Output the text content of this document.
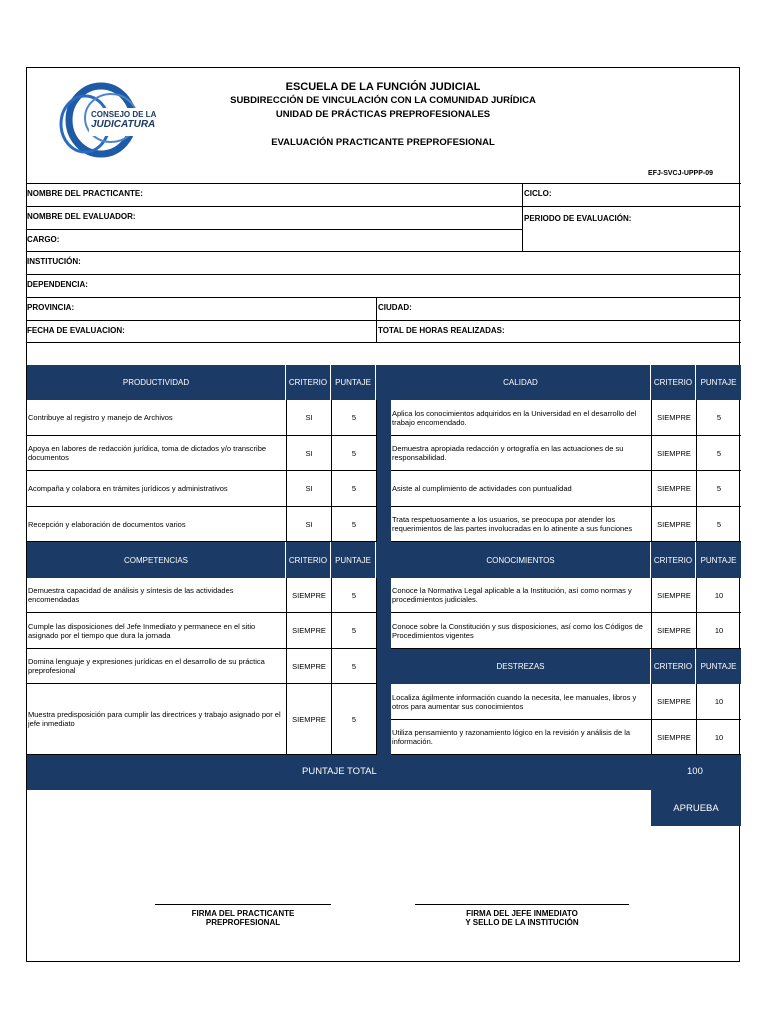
CONSEJO DE LA
JUDICATURA
ESCUELA DE LA FUNCIÓN JUDICIAL
SUBDIRECCIÓN DE VINCULACIÓN CON LA COMUNIDAD JURÍDICA
UNIDAD DE PRÁCTICAS PREPROFESIONALES
EVALUACIÓN PRACTICANTE PREPROFESIONAL
EFJ-SVCJ-UPPP-09
NOMBRE DEL PRACTICANTE:	CICLO:
NOMBRE DEL EVALUADOR:	PERIODO DE EVALUACIÓN:
CARGO:
INSTITUCIÓN:
DEPENDENCIA:
PROVINCIA:	CIUDAD:
FECHA DE EVALUACION:	TOTAL DE HORAS REALIZADAS:
PRODUCTIVIDAD	CRITERIO PUNTAJE
Contribuye al registro y manejo de Archivos	SI	5
Apoya en labores de redacción jurídica, toma de dictados y/o transcribe documentos	SI	5
Acompaña y colabora en trámites jurídicos y administrativos	SI	5
Recepción y elaboración de documentos varios	SI	5
COMPETENCIAS	CRITERIO PUNTAJE
Demuestra capacidad de análisis y síntesis de las actividades encomendadas	SIEMPRE	5
Cumple las disposiciones del Jefe Inmediato y permanece en el sitio asignado por el tiempo que dura la jornada	SIEMPRE	5
Domina lenguaje y expresiones jurídicas en el desarrollo de su práctica preprofesional	SIEMPRE	5
Muestra predisposición para cumplir las directrices y trabajo asignado por el jefe inmediato	SIEMPRE	5
CALIDAD	CRITERIO	PUNTAJE
Aplica los conocimientos adquiridos en la Universidad en el desarrollo del trabajo encomendado.	SIEMPRE	5
Demuestra apropiada redacción y ortografía en las actuaciones de su responsabilidad.	SIEMPRE	5
Asiste al cumplimiento de actividades con puntualidad	SIEMPRE	5
Trata respetuosamente a los usuarios, se preocupa por atender los requerimientos de las partes involucradas en lo atinente a sus funciones	SIEMPRE	5
CONOCIMIENTOS	CRITERIO	PUNTAJE
Conoce la Normativa Legal aplicable a la Institución, así como normas y procedimientos judiciales.	SIEMPRE	10
Conoce sobre la Constitución y sus disposiciones, así como los Códigos de Procedimientos vigentes	SIEMPRE	10
DESTREZAS	CRITERIO	PUNTAJE
Localiza ágilmente información cuando la necesita, lee manuales, libros y otros para aumentar sus conocimientos	SIEMPRE	10
Utiliza pensamiento y razonamiento lógico en la revisión y análisis de la información.	SIEMPRE	10
PUNTAJE TOTAL	100
APRUEBA
FIRMA DEL PRACTICANTE
PREPROFESIONAL
FIRMA DEL JEFE INMEDIATO
Y SELLO DE LA INSTITUCIÓN
